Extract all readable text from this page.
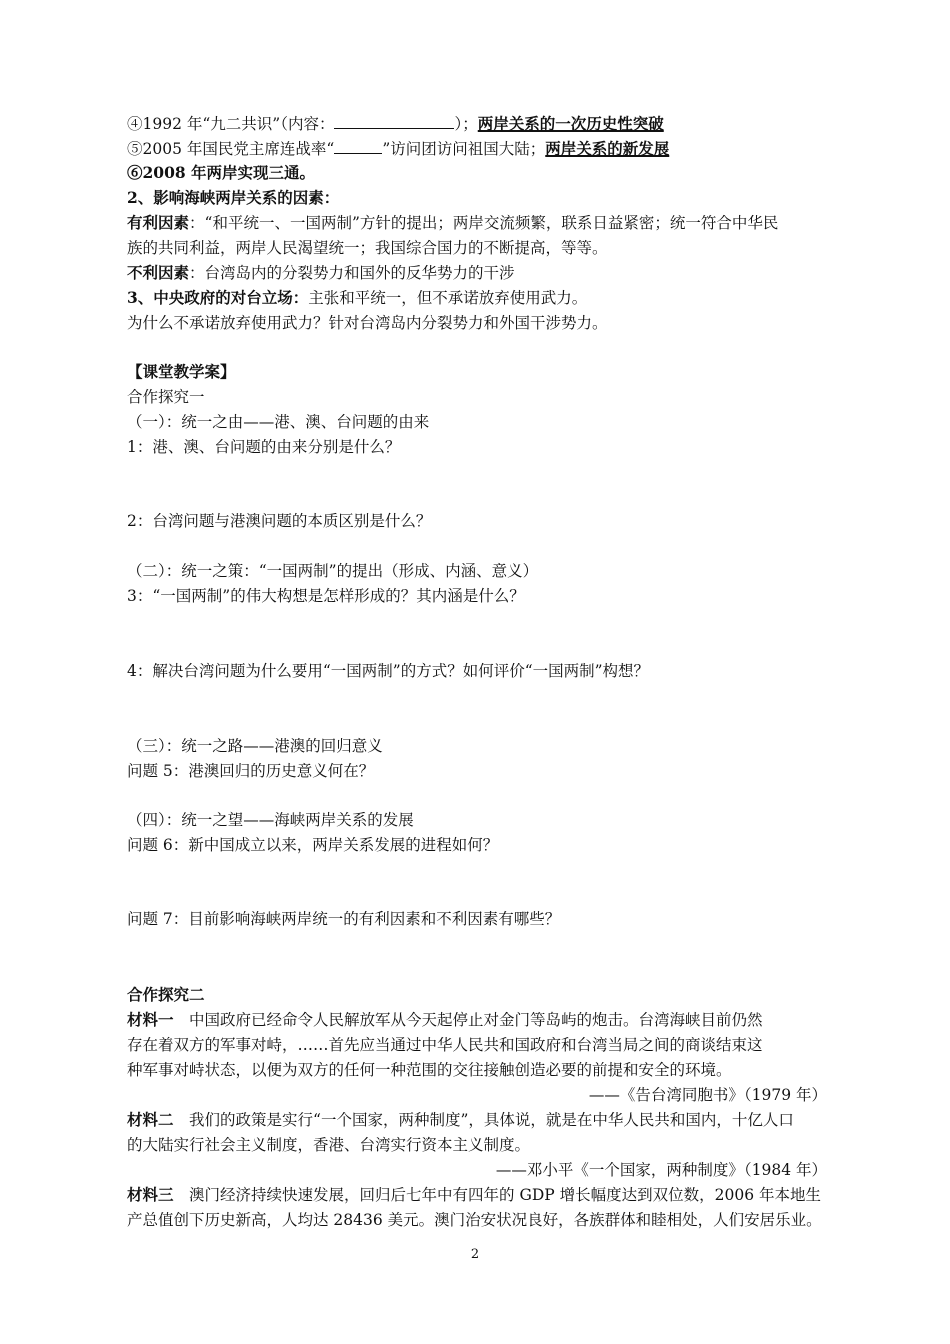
④1992 年“九二共识”（内容：	）；两岸关系的一次历史性突破
⑤2005 年国民党主席连战率“	”访问团访问祖国大陆；两岸关系的新发展
⑥2008 年两岸实现三通。
2、影响海峡两岸关系的因素：
有利因素：“和平统一、一国两制”方针的提出；两岸交流频繁，联系日益紧密；统一符合中华民
族的共同利益，两岸人民渴望统一；我国综合国力的不断提高，等等。
不利因素：台湾岛内的分裂势力和国外的反华势力的干涉
3、中央政府的对台立场：主张和平统一，但不承诺放弃使用武力。
为什么不承诺放弃使用武力？针对台湾岛内分裂势力和外国干涉势力。
【课堂教学案】
合作探究一
（一）：统一之由——港、澳、台问题的由来
1：港、澳、台问题的由来分别是什么？
2：台湾问题与港澳问题的本质区别是什么？
（二）：统一之策：“一国两制”的提出（形成、内涵、意义）
3：“一国两制”的伟大构想是怎样形成的？其内涵是什么？
4：解决台湾问题为什么要用“一国两制”的方式？如何评价“一国两制”构想？
（三）：统一之路——港澳的回归意义
问题 5：港澳回归的历史意义何在？
（四）：统一之望——海峡两岸关系的发展
问题 6：新中国成立以来，两岸关系发展的进程如何？
问题 7：目前影响海峡两岸统一的有利因素和不利因素有哪些？
合作探究二
材料一　中国政府已经命令人民解放军从今天起停止对金门等岛屿的炮击。台湾海峡目前仍然
存在着双方的军事对峙，……首先应当通过中华人民共和国政府和台湾当局之间的商谈结束这
种军事对峙状态，以便为双方的任何一种范围的交往接触创造必要的前提和安全的环境。
——《告台湾同胞书》（1979 年）
材料二　我们的政策是实行“一个国家，两种制度”，具体说，就是在中华人民共和国内，十亿人口
的大陆实行社会主义制度，香港、台湾实行资本主义制度。
——邓小平《一个国家，两种制度》（1984 年）
材料三　澳门经济持续快速发展，回归后七年中有四年的 GDP 增长幅度达到双位数，2006 年本地生
产总值创下历史新高，人均达 28436 美元。澳门治安状况良好，各族群体和睦相处，人们安居乐业。
2
